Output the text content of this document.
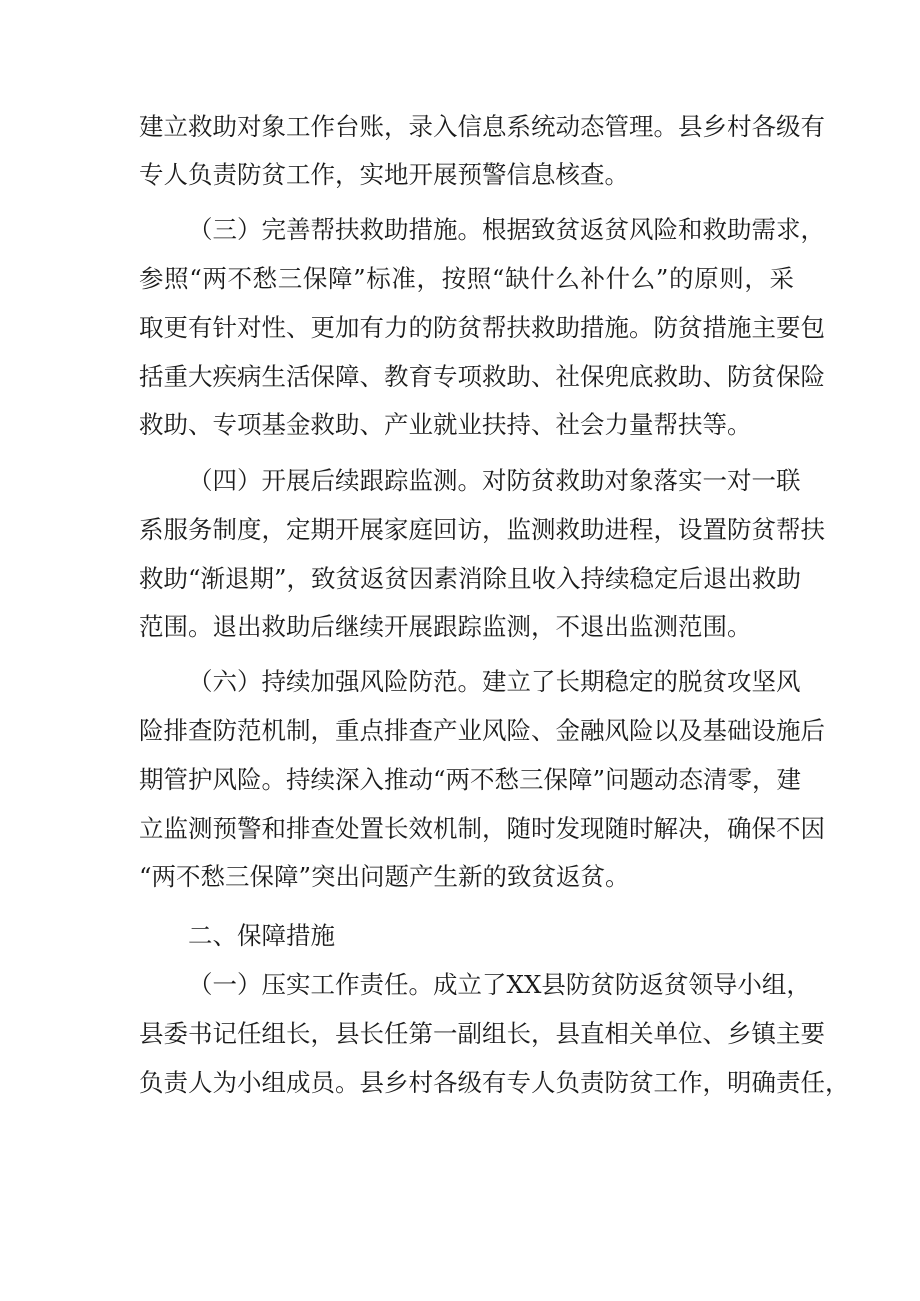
建立救助对象工作台账，录入信息系统动态管理。县乡村各级有
专人负责防贫工作，实地开展预警信息核查。
（三）完善帮扶救助措施。根据致贫返贫风险和救助需求，
参照“两不愁三保障”标准，按照“缺什么补什么”的原则，采
取更有针对性、更加有力的防贫帮扶救助措施。防贫措施主要包
括重大疾病生活保障、教育专项救助、社保兜底救助、防贫保险
救助、专项基金救助、产业就业扶持、社会力量帮扶等。
（四）开展后续跟踪监测。对防贫救助对象落实一对一联
系服务制度，定期开展家庭回访，监测救助进程，设置防贫帮扶
救助“渐退期”，致贫返贫因素消除且收入持续稳定后退出救助
范围。退出救助后继续开展跟踪监测，不退出监测范围。
（六）持续加强风险防范。建立了长期稳定的脱贫攻坚风
险排查防范机制，重点排查产业风险、金融风险以及基础设施后
期管护风险。持续深入推动“两不愁三保障”问题动态清零，建
立监测预警和排查处置长效机制，随时发现随时解决，确保不因
“两不愁三保障”突出问题产生新的致贫返贫。
二、保障措施
（一）压实工作责任。成立了XX县防贫防返贫领导小组，
县委书记任组长，县长任第一副组长，县直相关单位、乡镇主要
负责人为小组成员。县乡村各级有专人负责防贫工作，明确责任，
